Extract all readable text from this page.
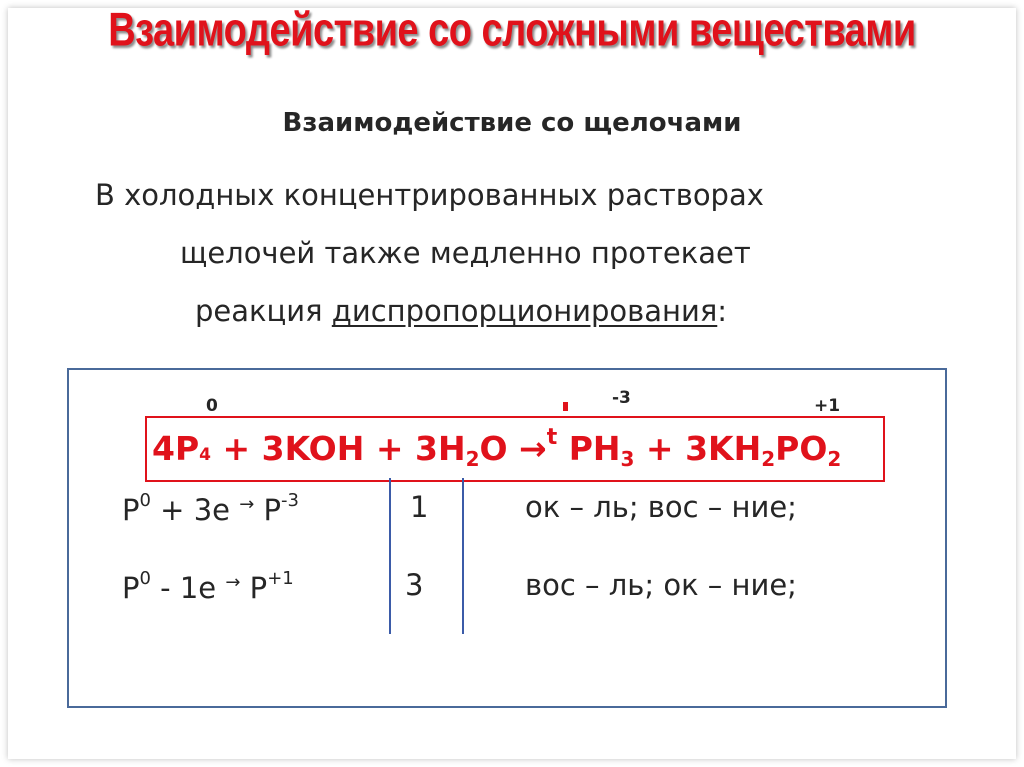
Взаимодействие со сложными веществами
Взаимодействие со щелочами
В холодных концентрированных растворах
щелочей также медленно протекает
реакция диспропорционирования:
0	-3	+1
$4P4 + 3KOH + 3H_2O \to^t$ $PH_3 + 3KH_2PO_2$
$P^0 + 3e$ → $P^{-3}$	1	ок – ль; вос – ние;
$P^0 - 1e$ → $P^{+1}$	3	вос – ль; ок – ние;
